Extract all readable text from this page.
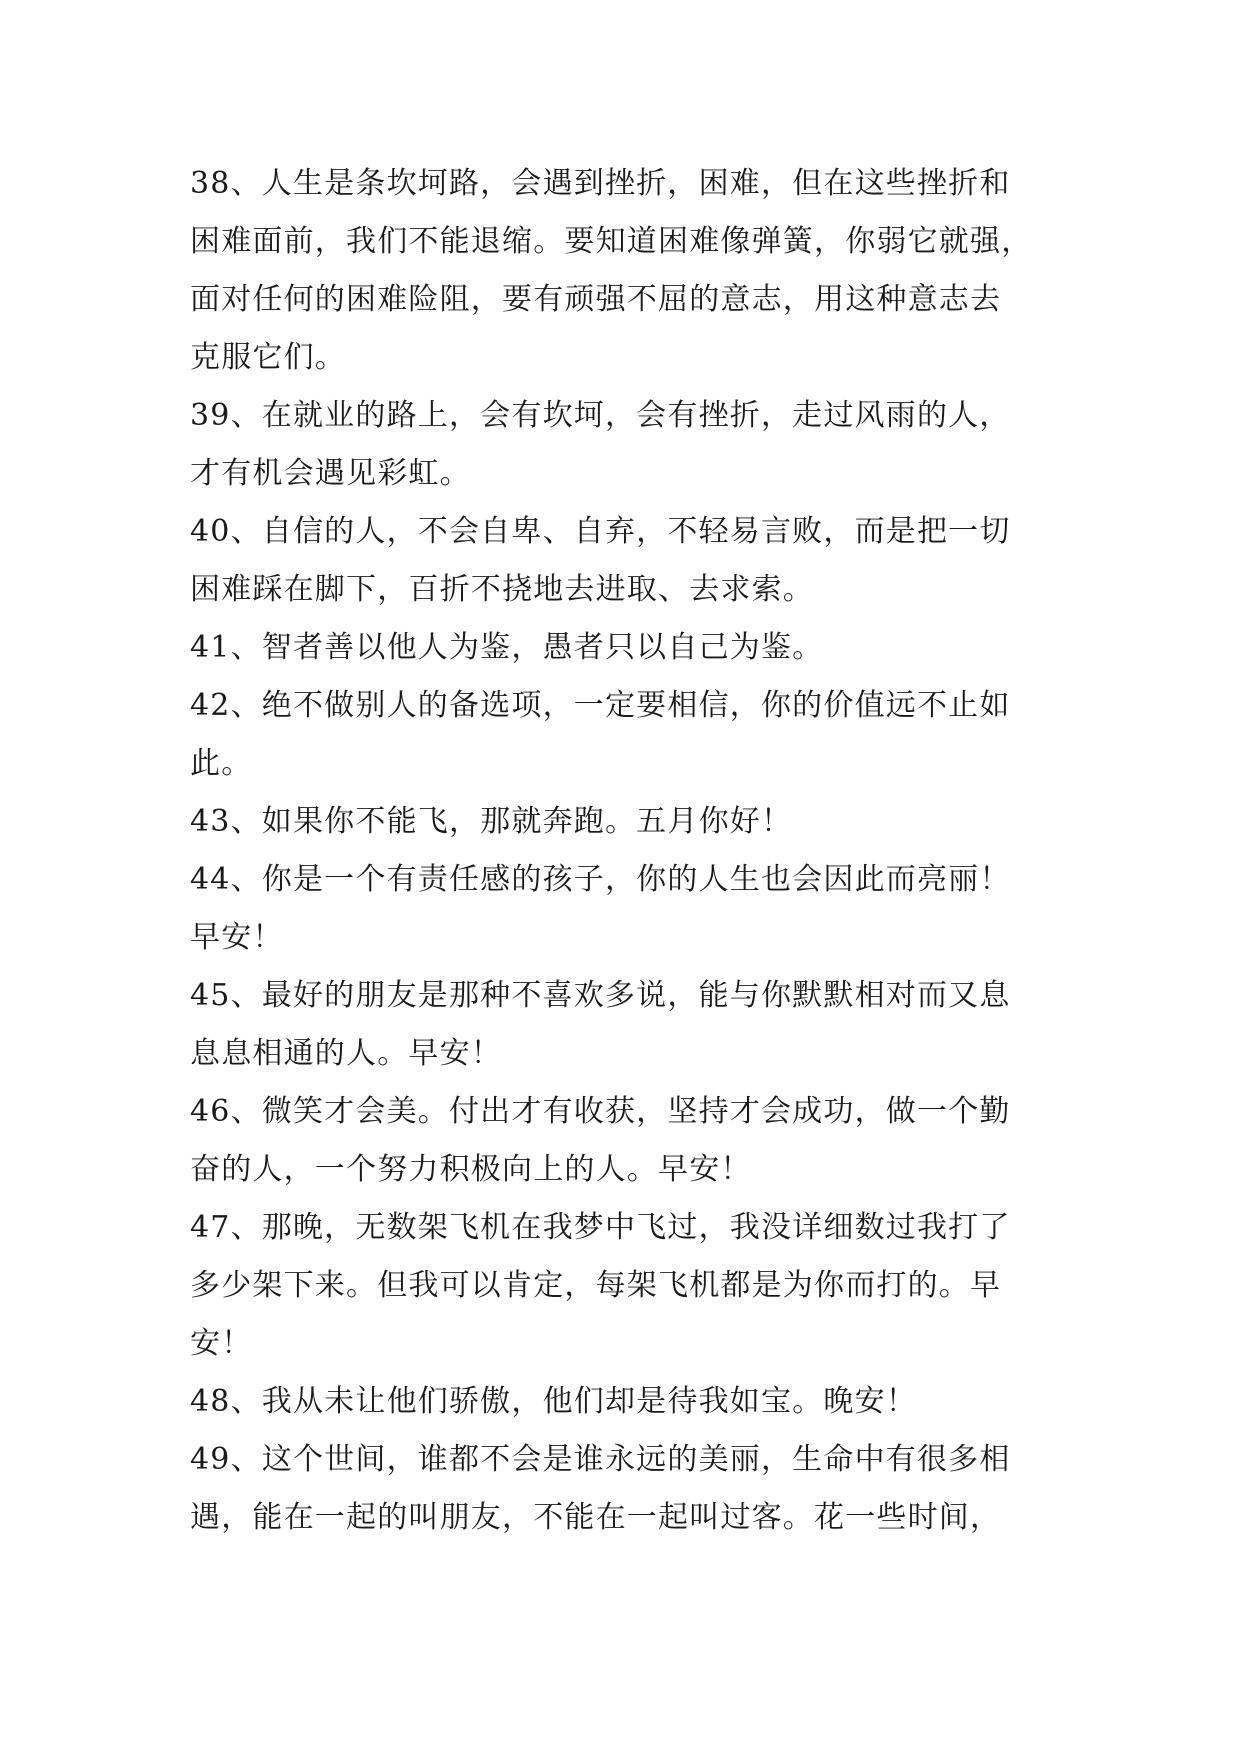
38、人生是条坎坷路，会遇到挫折，困难，但在这些挫折和
困难面前，我们不能退缩。要知道困难像弹簧，你弱它就强，
面对任何的困难险阻，要有顽强不屈的意志，用这种意志去
克服它们。
39、在就业的路上，会有坎坷，会有挫折，走过风雨的人，
才有机会遇见彩虹。
40、自信的人，不会自卑、自弃，不轻易言败，而是把一切
困难踩在脚下，百折不挠地去进取、去求索。
41、智者善以他人为鉴，愚者只以自己为鉴。
42、绝不做别人的备选项，一定要相信，你的价值远不止如
此。
43、如果你不能飞，那就奔跑。五月你好！
44、你是一个有责任感的孩子，你的人生也会因此而亮丽！
早安！
45、最好的朋友是那种不喜欢多说，能与你默默相对而又息
息息相通的人。早安！
46、微笑才会美。付出才有收获，坚持才会成功，做一个勤
奋的人，一个努力积极向上的人。早安！
47、那晚，无数架飞机在我梦中飞过，我没详细数过我打了
多少架下来。但我可以肯定，每架飞机都是为你而打的。早
安！
48、我从未让他们骄傲，他们却是待我如宝。晚安！
49、这个世间，谁都不会是谁永远的美丽，生命中有很多相
遇，能在一起的叫朋友，不能在一起叫过客。花一些时间，
